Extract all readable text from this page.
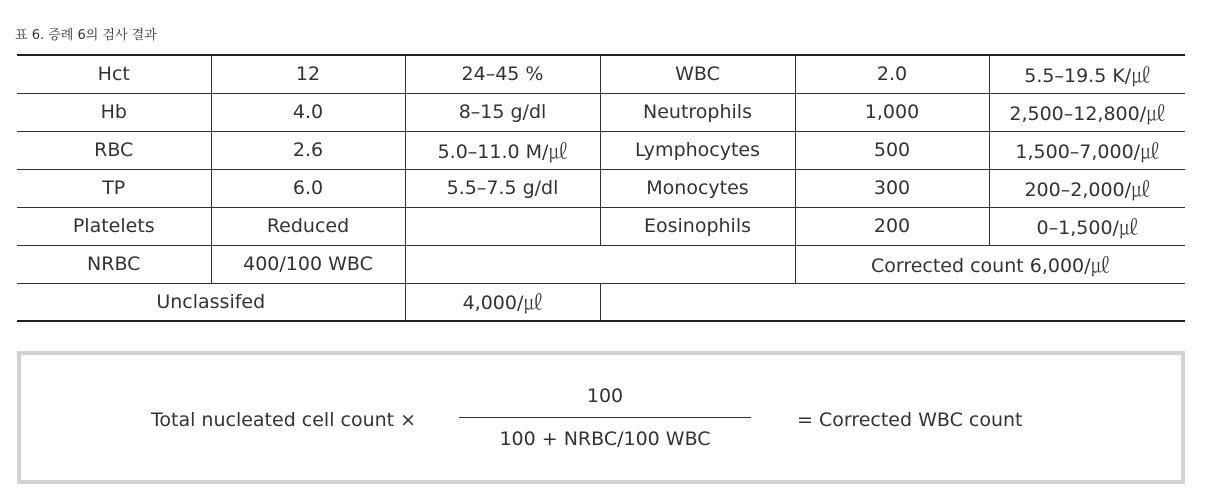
표 6. 증례 6의 검사 결과
Hct	12	24–45 %	WBC	2.0	5.5–19.5 K/㎕
Hb	4.0	8–15 g/dl	Neutrophils	1,000	2,500–12,800/㎕
RBC	2.6	5.0–11.0 M/㎕	Lymphocytes	500	1,500–7,000/㎕
TP	6.0	5.5–7.5 g/dl	Monocytes	300	200–2,000/㎕
Platelets	Reduced		Eosinophils	200	0–1,500/㎕
NRBC	400/100 WBC			Corrected count 6,000/㎕	
Unclassifed		4,000/㎕			
Total nucleated cell count ×
100
100 + NRBC/100 WBC
= Corrected WBC count
